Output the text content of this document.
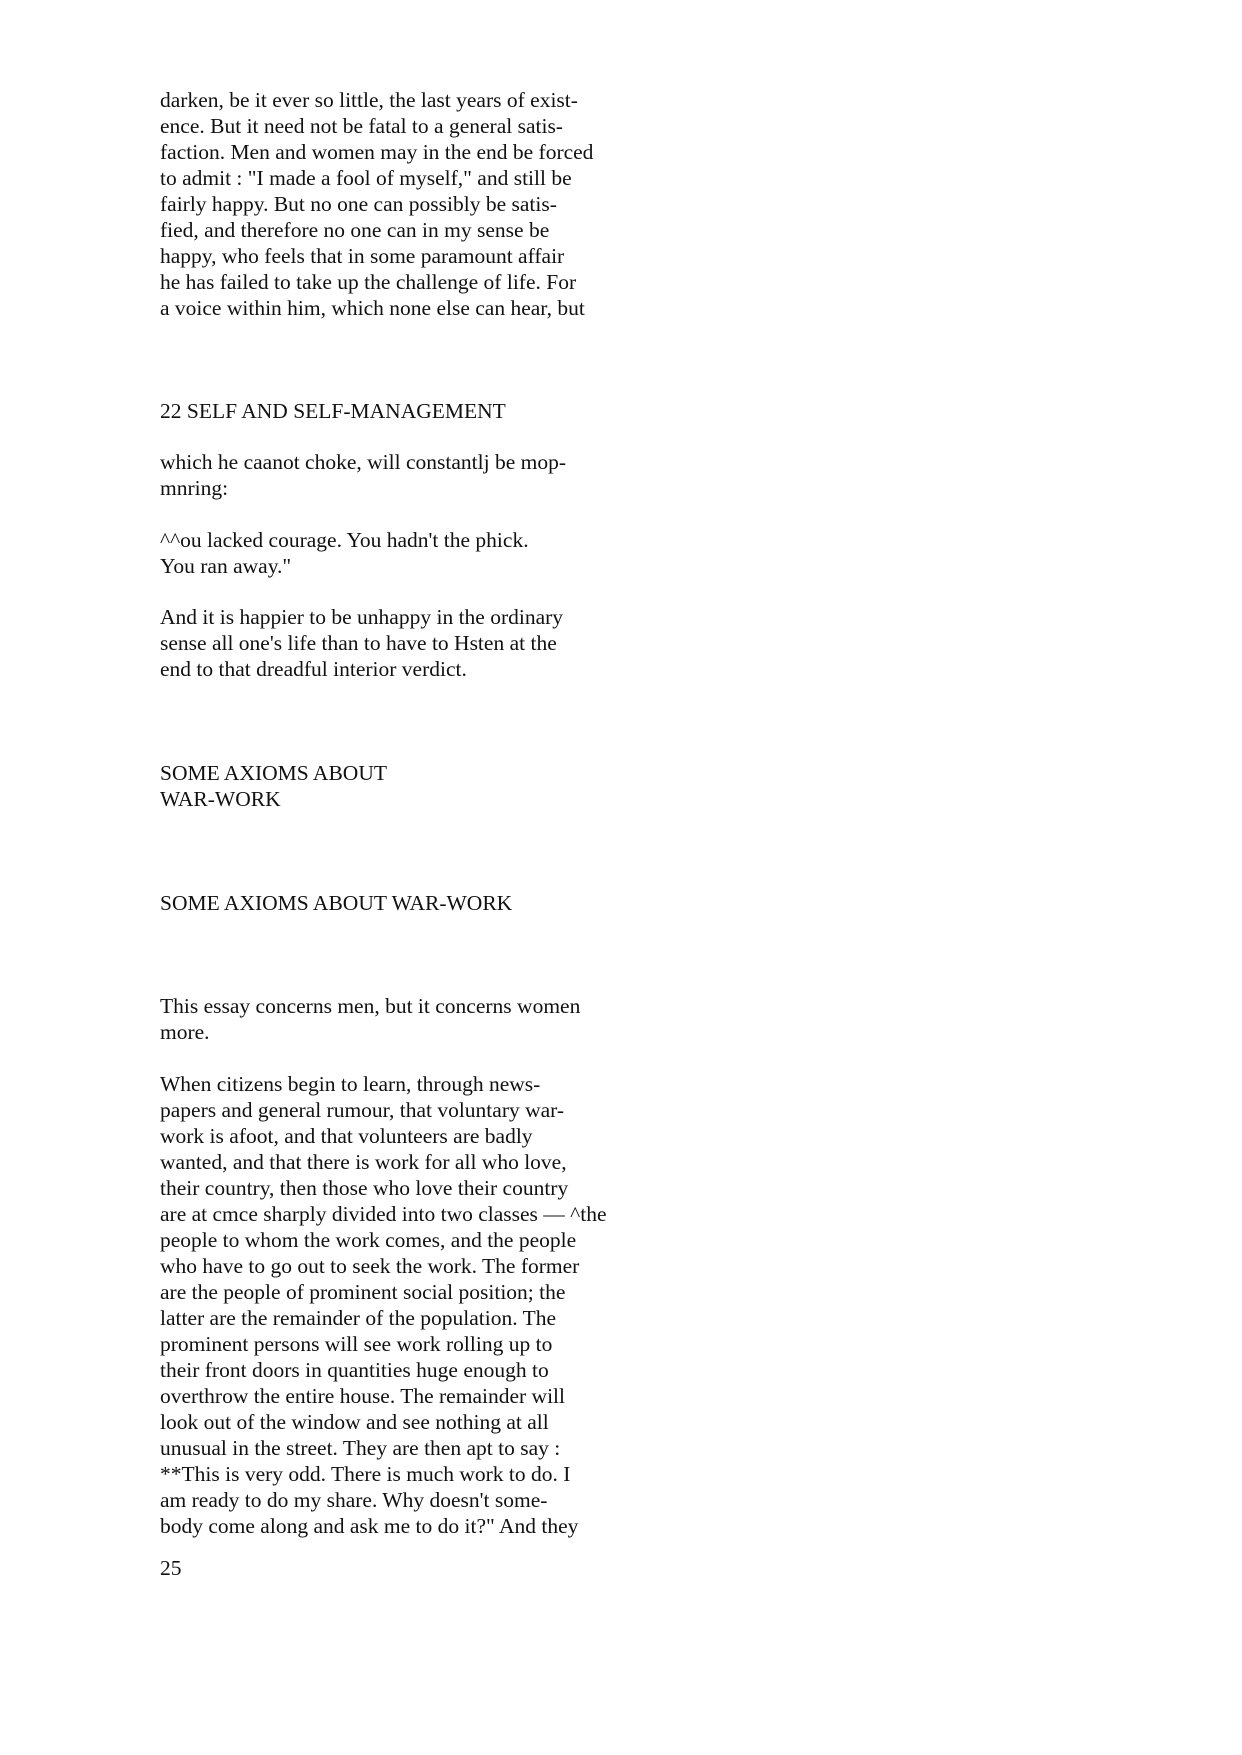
darken, be it ever so little, the last years of exist-
ence. But it need not be fatal to a general satis-
faction. Men and women may in the end be forced
to admit : "I made a fool of myself," and still be
fairly happy. But no one can possibly be satis-
fied, and therefore no one can in my sense be
happy, who feels that in some paramount affair
he has failed to take up the challenge of life. For
a voice within him, which none else can hear, but
22 SELF AND SELF-MANAGEMENT
which he caanot choke, will constantlj be mop-
mnring:
^^ou lacked courage. You hadn't the phick.
You ran away."
And it is happier to be unhappy in the ordinary
sense all one's life than to have to Hsten at the
end to that dreadful interior verdict.
SOME AXIOMS ABOUT
WAR-WORK
SOME AXIOMS ABOUT WAR-WORK
This essay concerns men, but it concerns women
more.
When citizens begin to learn, through news-
papers and general rumour, that voluntary war-
work is afoot, and that volunteers are badly
wanted, and that there is work for all who love,
their country, then those who love their country
are at cmce sharply divided into two classes — ^the
people to whom the work comes, and the people
who have to go out to seek the work. The former
are the people of prominent social position; the
latter are the remainder of the population. The
prominent persons will see work rolling up to
their front doors in quantities huge enough to
overthrow the entire house. The remainder will
look out of the window and see nothing at all
unusual in the street. They are then apt to say :
**This is very odd. There is much work to do. I
am ready to do my share. Why doesn't some-
body come along and ask me to do it?" And they
25
